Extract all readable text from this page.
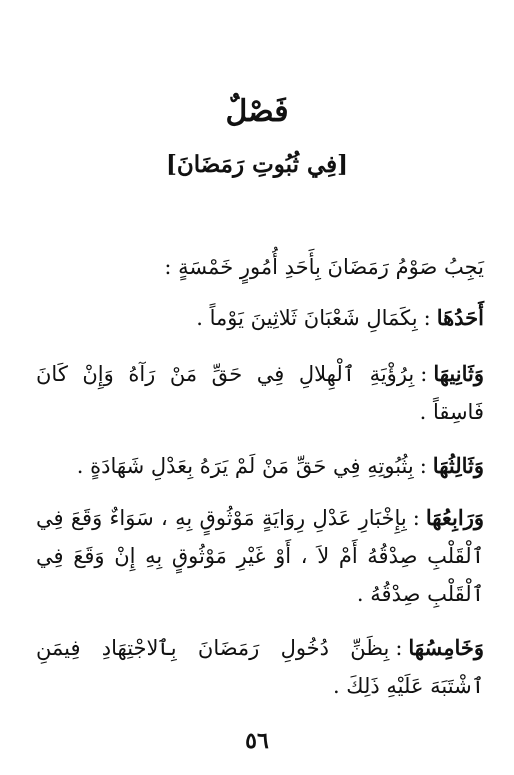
فَصْلٌ
[فِي ثُبُوتِ رَمَضَانَ]

يَجِبُ صَوْمُ رَمَضَانَ بِأَحَدِ أُمُورٍ خَمْسَةٍ :

أَحَدُهَا:بِكَمَالِ شَعْبَانَ ثَلاثِينَ يَوْماً .

وَثَانِيهَا:بِرُؤْيَةِ ٱلْهِلالِ فِي حَقِّ مَنْ رَآهُ وَإِنْ كَانَ فَاسِقاً .

وَثَالِثُهَا:بِثُبُوتِهِ فِي حَقِّ مَنْ لَمْ يَرَهُ بِعَدْلِ شَهَادَةٍ .

وَرَابِعُهَا:بِإِخْبَارِ عَدْلِ رِوَايَةٍ مَوْثُوقٍ بِهِ ، سَوَاءٌ وَقَعَ فِي ٱلْقَلْبِ صِدْقُهُ أَمْ لاَ ، أَوْ غَيْرِ مَوْثُوقٍ بِهِ إِنْ وَقَعَ فِي ٱلْقَلْبِ صِدْقُهُ .

وَخَامِسُهَا:بِظَنِّ دُخُولِ رَمَضَانَ بِٱلاجْتِهَادِ فِيمَنِ ٱشْتَبَهَ عَلَيْهِ ذَلِكَ .

٥٦
